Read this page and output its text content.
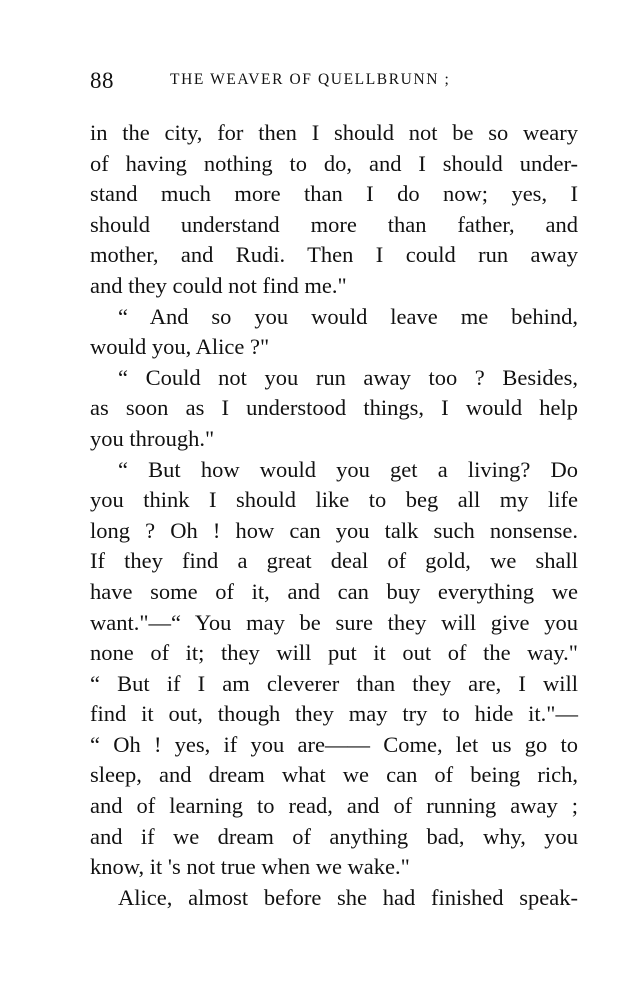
88	THE WEAVER OF QUELLBRUNN ;
in the city, for then I should not be so weary
of having nothing to do, and I should under-
stand much more than I do now; yes, I
should understand more than father, and
mother, and Rudi. Then I could run away
and they could not find me."
“ And so you would leave me behind,
would you, Alice ?"
“ Could not you run away too ? Besides,
as soon as I understood things, I would help
you through."
“ But how would you get a living? Do
you think I should like to beg all my life
long ? Oh ! how can you talk such nonsense.
If they find a great deal of gold, we shall
have some of it, and can buy everything we
want."—“ You may be sure they will give you
none of it; they will put it out of the way."
“ But if I am cleverer than they are, I will
find it out, though they may try to hide it."—
“ Oh ! yes, if you are—— Come, let us go to
sleep, and dream what we can of being rich,
and of learning to read, and of running away ;
and if we dream of anything bad, why, you
know, it 's not true when we wake."
Alice, almost before she had finished speak-
